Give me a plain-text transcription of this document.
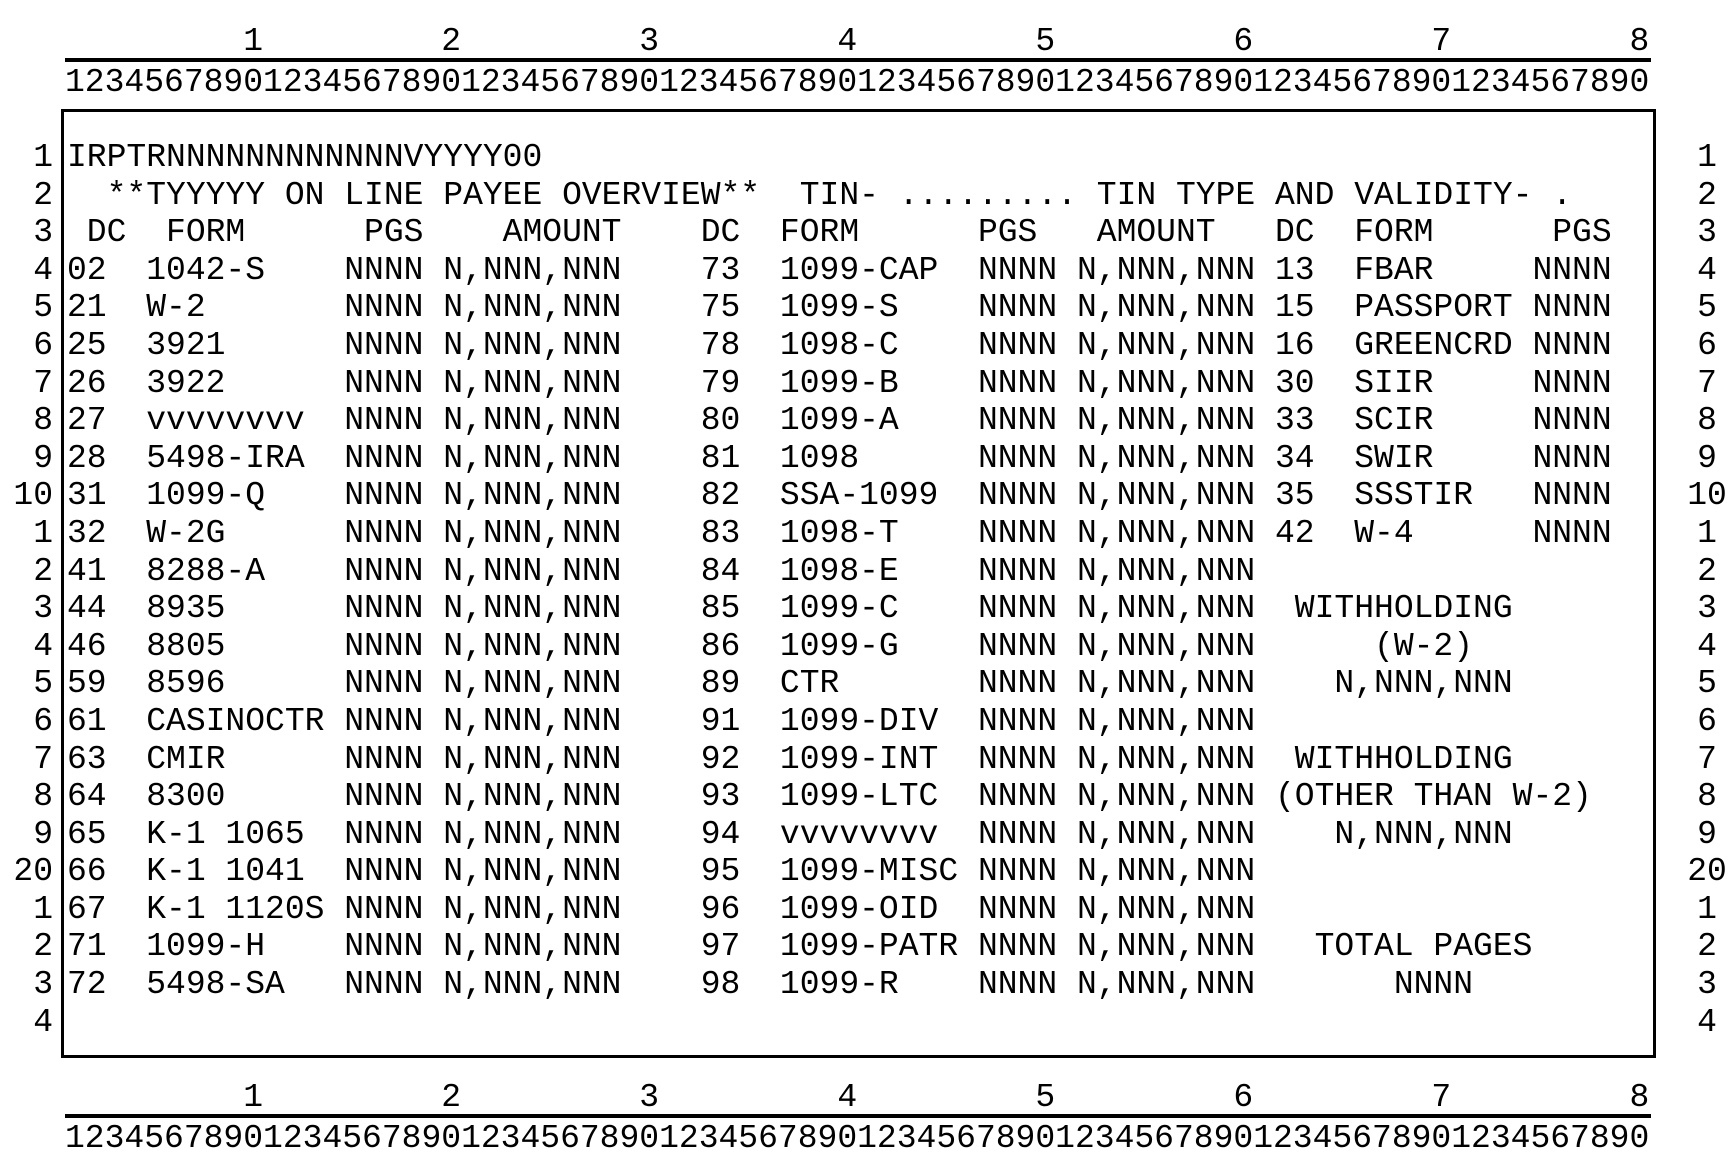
1         2         3         4         5         6         7         8
12345678901234567890123456789012345678901234567890123456789012345678901234567890
1
2
3
4
5
6
7
8
9
10
1
2
3
4
5
6
7
8
9
20
1
2
3
4
IRPTRNNNNNNNNNNNNVYYYY00
**TYYYYY ON LINE PAYEE OVERVIEW**  TIN- ......... TIN TYPE AND VALIDITY- .
DC  FORM      PGS    AMOUNT    DC  FORM      PGS   AMOUNT   DC  FORM      PGS
02  1042-S    NNNN N,NNN,NNN    73  1099-CAP  NNNN N,NNN,NNN 13  FBAR     NNNN
21  W-2       NNNN N,NNN,NNN    75  1099-S    NNNN N,NNN,NNN 15  PASSPORT NNNN
25  3921      NNNN N,NNN,NNN    78  1098-C    NNNN N,NNN,NNN 16  GREENCRD NNNN
26  3922      NNNN N,NNN,NNN    79  1099-B    NNNN N,NNN,NNN 30  SIIR     NNNN
27  vvvvvvvv  NNNN N,NNN,NNN    80  1099-A    NNNN N,NNN,NNN 33  SCIR     NNNN
28  5498-IRA  NNNN N,NNN,NNN    81  1098      NNNN N,NNN,NNN 34  SWIR     NNNN
31  1099-Q    NNNN N,NNN,NNN    82  SSA-1099  NNNN N,NNN,NNN 35  SSSTIR   NNNN
32  W-2G      NNNN N,NNN,NNN    83  1098-T    NNNN N,NNN,NNN 42  W-4      NNNN
41  8288-A    NNNN N,NNN,NNN    84  1098-E    NNNN N,NNN,NNN
44  8935      NNNN N,NNN,NNN    85  1099-C    NNNN N,NNN,NNN  WITHHOLDING
46  8805      NNNN N,NNN,NNN    86  1099-G    NNNN N,NNN,NNN      (W-2)
59  8596      NNNN N,NNN,NNN    89  CTR       NNNN N,NNN,NNN    N,NNN,NNN
61  CASINOCTR NNNN N,NNN,NNN    91  1099-DIV  NNNN N,NNN,NNN
63  CMIR      NNNN N,NNN,NNN    92  1099-INT  NNNN N,NNN,NNN  WITHHOLDING
64  8300      NNNN N,NNN,NNN    93  1099-LTC  NNNN N,NNN,NNN (OTHER THAN W-2)
65  K-1 1065  NNNN N,NNN,NNN    94  vvvvvvvv  NNNN N,NNN,NNN    N,NNN,NNN
66  K-1 1041  NNNN N,NNN,NNN    95  1099-MISC NNNN N,NNN,NNN
67  K-1 1120S NNNN N,NNN,NNN    96  1099-OID  NNNN N,NNN,NNN
71  1099-H    NNNN N,NNN,NNN    97  1099-PATR NNNN N,NNN,NNN   TOTAL PAGES
72  5498-SA   NNNN N,NNN,NNN    98  1099-R    NNNN N,NNN,NNN       NNNN

1
2
3
4
5
6
7
8
9
10
1
2
3
4
5
6
7
8
9
20
1
2
3
4
1         2         3         4         5         6         7         8
12345678901234567890123456789012345678901234567890123456789012345678901234567890
